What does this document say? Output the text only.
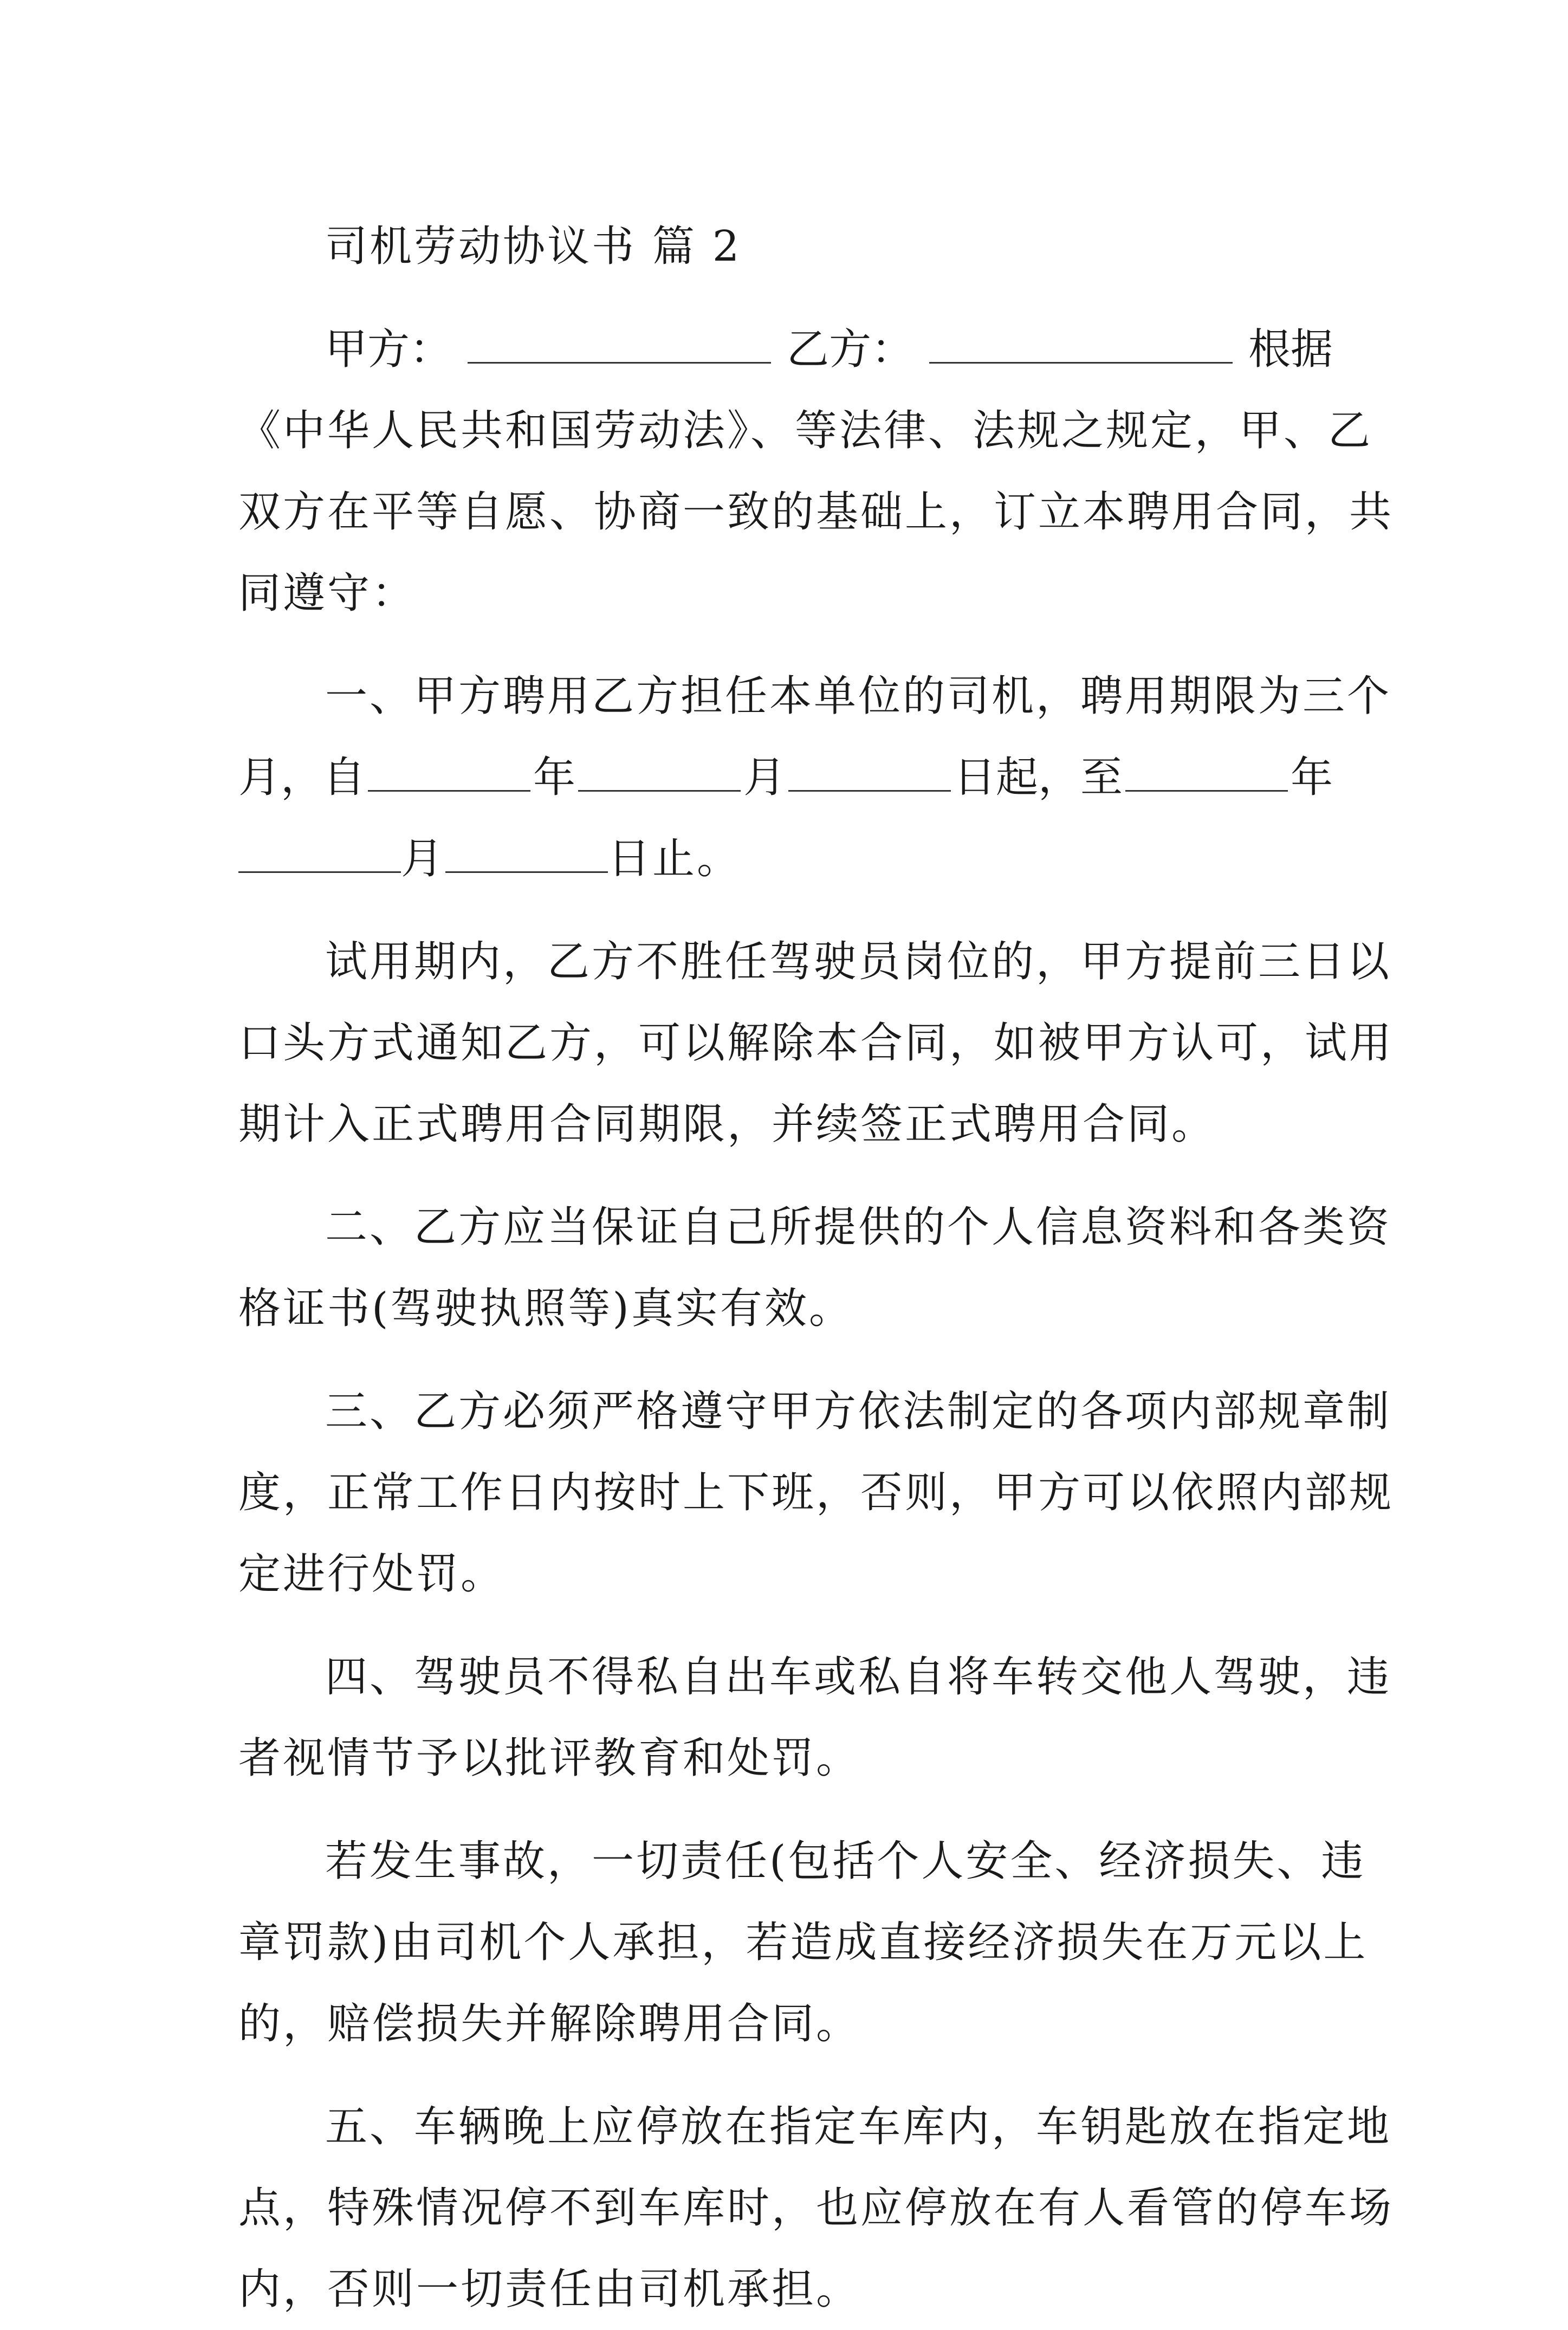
司机劳动协议书 篇 2
甲方：	乙方：	根据
《中华人民共和国劳动法》、等法律、法规之规定，甲、乙
双方在平等自愿、协商一致的基础上，订立本聘用合同，共
同遵守：
一、甲方聘用乙方担任本单位的司机，聘用期限为三个
月，自	年	月	日起，至	年
月	日止。
试用期内，乙方不胜任驾驶员岗位的，甲方提前三日以
口头方式通知乙方，可以解除本合同，如被甲方认可，试用
期计入正式聘用合同期限，并续签正式聘用合同。
二、乙方应当保证自己所提供的个人信息资料和各类资
格证书(驾驶执照等)真实有效。
三、乙方必须严格遵守甲方依法制定的各项内部规章制
度，正常工作日内按时上下班，否则，甲方可以依照内部规
定进行处罚。
四、驾驶员不得私自出车或私自将车转交他人驾驶，违
者视情节予以批评教育和处罚。
若发生事故，一切责任(包括个人安全、经济损失、违
章罚款)由司机个人承担，若造成直接经济损失在万元以上
的，赔偿损失并解除聘用合同。
五、车辆晚上应停放在指定车库内，车钥匙放在指定地
点，特殊情况停不到车库时，也应停放在有人看管的停车场
内，否则一切责任由司机承担。
